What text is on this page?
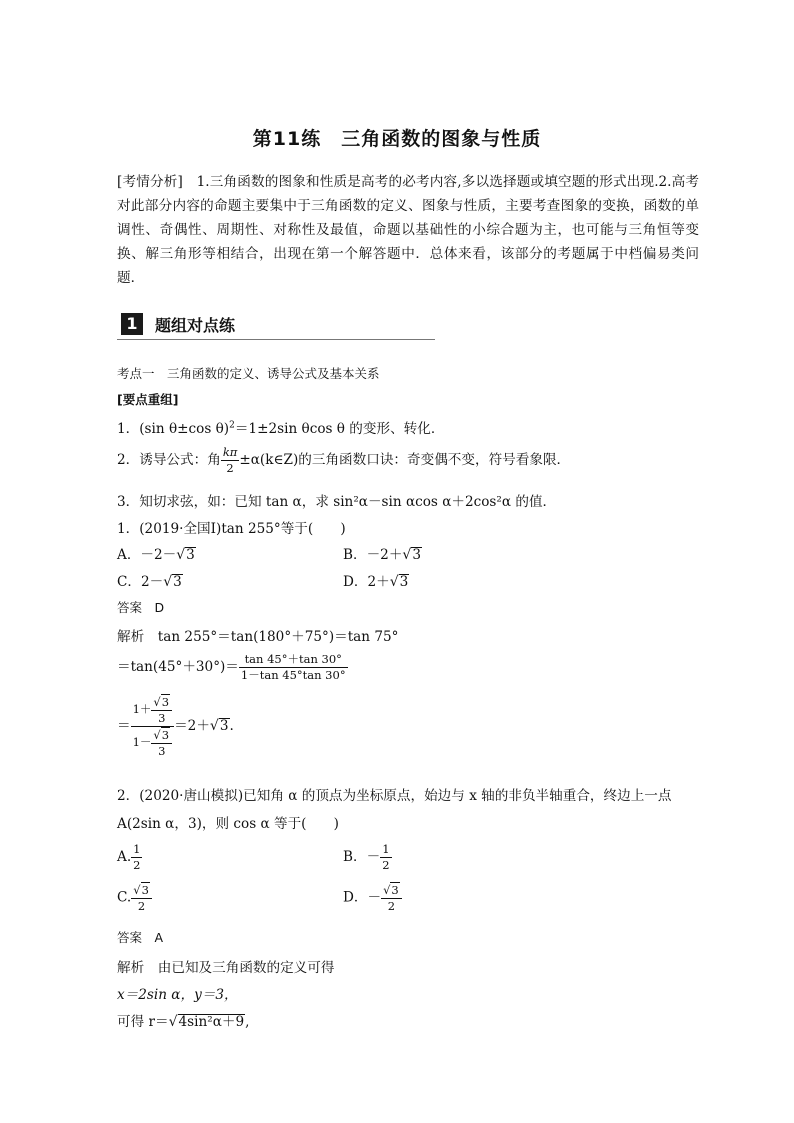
第11练　三角函数的图象与性质
[考情分析]　1.三角函数的图象和性质是高考的必考内容,多以选择题或填空题的形式出现.2.高考对此部分内容的命题主要集中于三角函数的定义、图象与性质，主要考查图象的变换，函数的单调性、奇偶性、周期性、对称性及最值，命题以基础性的小综合题为主，也可能与三角恒等变换、解三角形等相结合，出现在第一个解答题中．总体来看，该部分的考题属于中档偏易类问题．
1	题组对点练
考点一　三角函数的定义、诱导公式及基本关系
[要点重组]
1．(sin θ±cos θ)$^2$＝1±2sin θcos θ 的变形、转化．
2．诱导公式：角 $\frac{k\pi}{2}$ ±α(k∈Z)的三角函数口诀：奇变偶不变，符号看象限．
3．知切求弦，如：已知 tan α，求 sin²α－sin αcos α＋2cos²α 的值．
1．(2019·全国Ⅰ)tan 255°等于(　　)
A．－2－√3	B．－2＋√3
C．2－√3	D．2＋√3
答案　D
解析　tan 255°＝tan(180°＋75°)＝tan 75°
$=\tan(45^\circ+30^\circ)= \frac{\tan 45^\circ+\tan 30^\circ}{1-\tan 45^\circ\tan 30^\circ}$
＝ $\frac{1+ \frac{√3}{3}}{1- \frac{√3}{3}} =2+√3$.
2．(2020·唐山模拟)已知角 α 的顶点为坐标原点，始边与 x 轴的非负半轴重合，终边上一点
A(2sin α，3)，则 cos α 等于(　　)
A. $\frac{1}{2}$	B．－ $\frac{1}{2}$
C. $\frac{√3}{2}$	D．－ $\frac{√3}{2}$
答案　A
解析　由已知及三角函数的定义可得
x＝2sin α，y＝3，
可得 r＝√4sin²α＋9,
